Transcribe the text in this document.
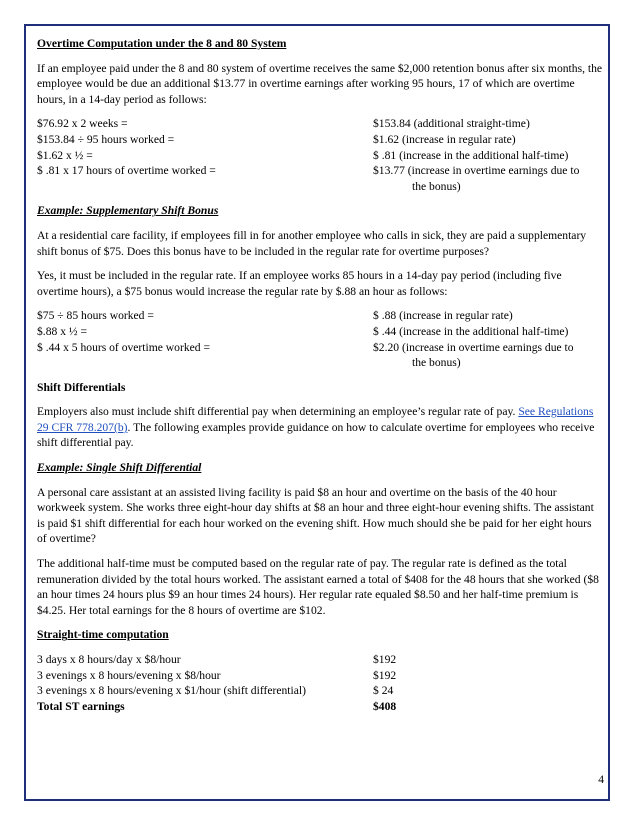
Overtime Computation under the 8 and 80 System

If an employee paid under the 8 and 80 system of overtime receives the same $2,000 retention bonus after six months, the employee would be due an additional $13.77 in overtime earnings after working 95 hours, 17 of which are overtime hours, in a 14-day period as follows:

$76.92 x 2 weeks =	$153.84 (additional straight-time)
$153.84 ÷ 95 hours worked =	$1.62 (increase in regular rate)
$1.62 x ½ =	$ .81 (increase in the additional half-time)
$ .81 x 17 hours of overtime worked =	$13.77 (increase in overtime earnings due to
the bonus)
Example: Supplementary Shift Bonus

At a residential care facility, if employees fill in for another employee who calls in sick, they are paid a supplementary shift bonus of $75. Does this bonus have to be included in the regular rate for overtime purposes?

Yes, it must be included in the regular rate. If an employee works 85 hours in a 14-day pay period (including five overtime hours), a $75 bonus would increase the regular rate by $.88 an hour as follows:

$75 ÷ 85 hours worked =	$ .88 (increase in regular rate)
$.88 x ½ =	$ .44 (increase in the additional half-time)
$ .44 x 5 hours of overtime worked =	$2.20 (increase in overtime earnings due to
the bonus)
Shift Differentials

Employers also must include shift differential pay when determining an employee’s regular rate of pay. See Regulations 29 CFR 778.207(b). The following examples provide guidance on how to calculate overtime for employees who receive shift differential pay.

Example: Single Shift Differential

A personal care assistant at an assisted living facility is paid $8 an hour and overtime on the basis of the 40 hour workweek system. She works three eight-hour day shifts at $8 an hour and three eight-hour evening shifts. The assistant is paid $1 shift differential for each hour worked on the evening shift. How much should she be paid for her eight hours of overtime?

The additional half-time must be computed based on the regular rate of pay. The regular rate is defined as the total remuneration divided by the total hours worked. The assistant earned a total of $408 for the 48 hours that she worked ($8 an hour times 24 hours plus $9 an hour times 24 hours). Her regular rate equaled $8.50 and her half-time premium is $4.25. Her total earnings for the 8 hours of overtime are $102.

Straight-time computation
3 days x 8 hours/day x $8/hour	$192
3 evenings x 8 hours/evening x $8/hour	$192
3 evenings x 8 hours/evening x $1/hour (shift differential)	$ 24
Total ST earnings	$408
4
